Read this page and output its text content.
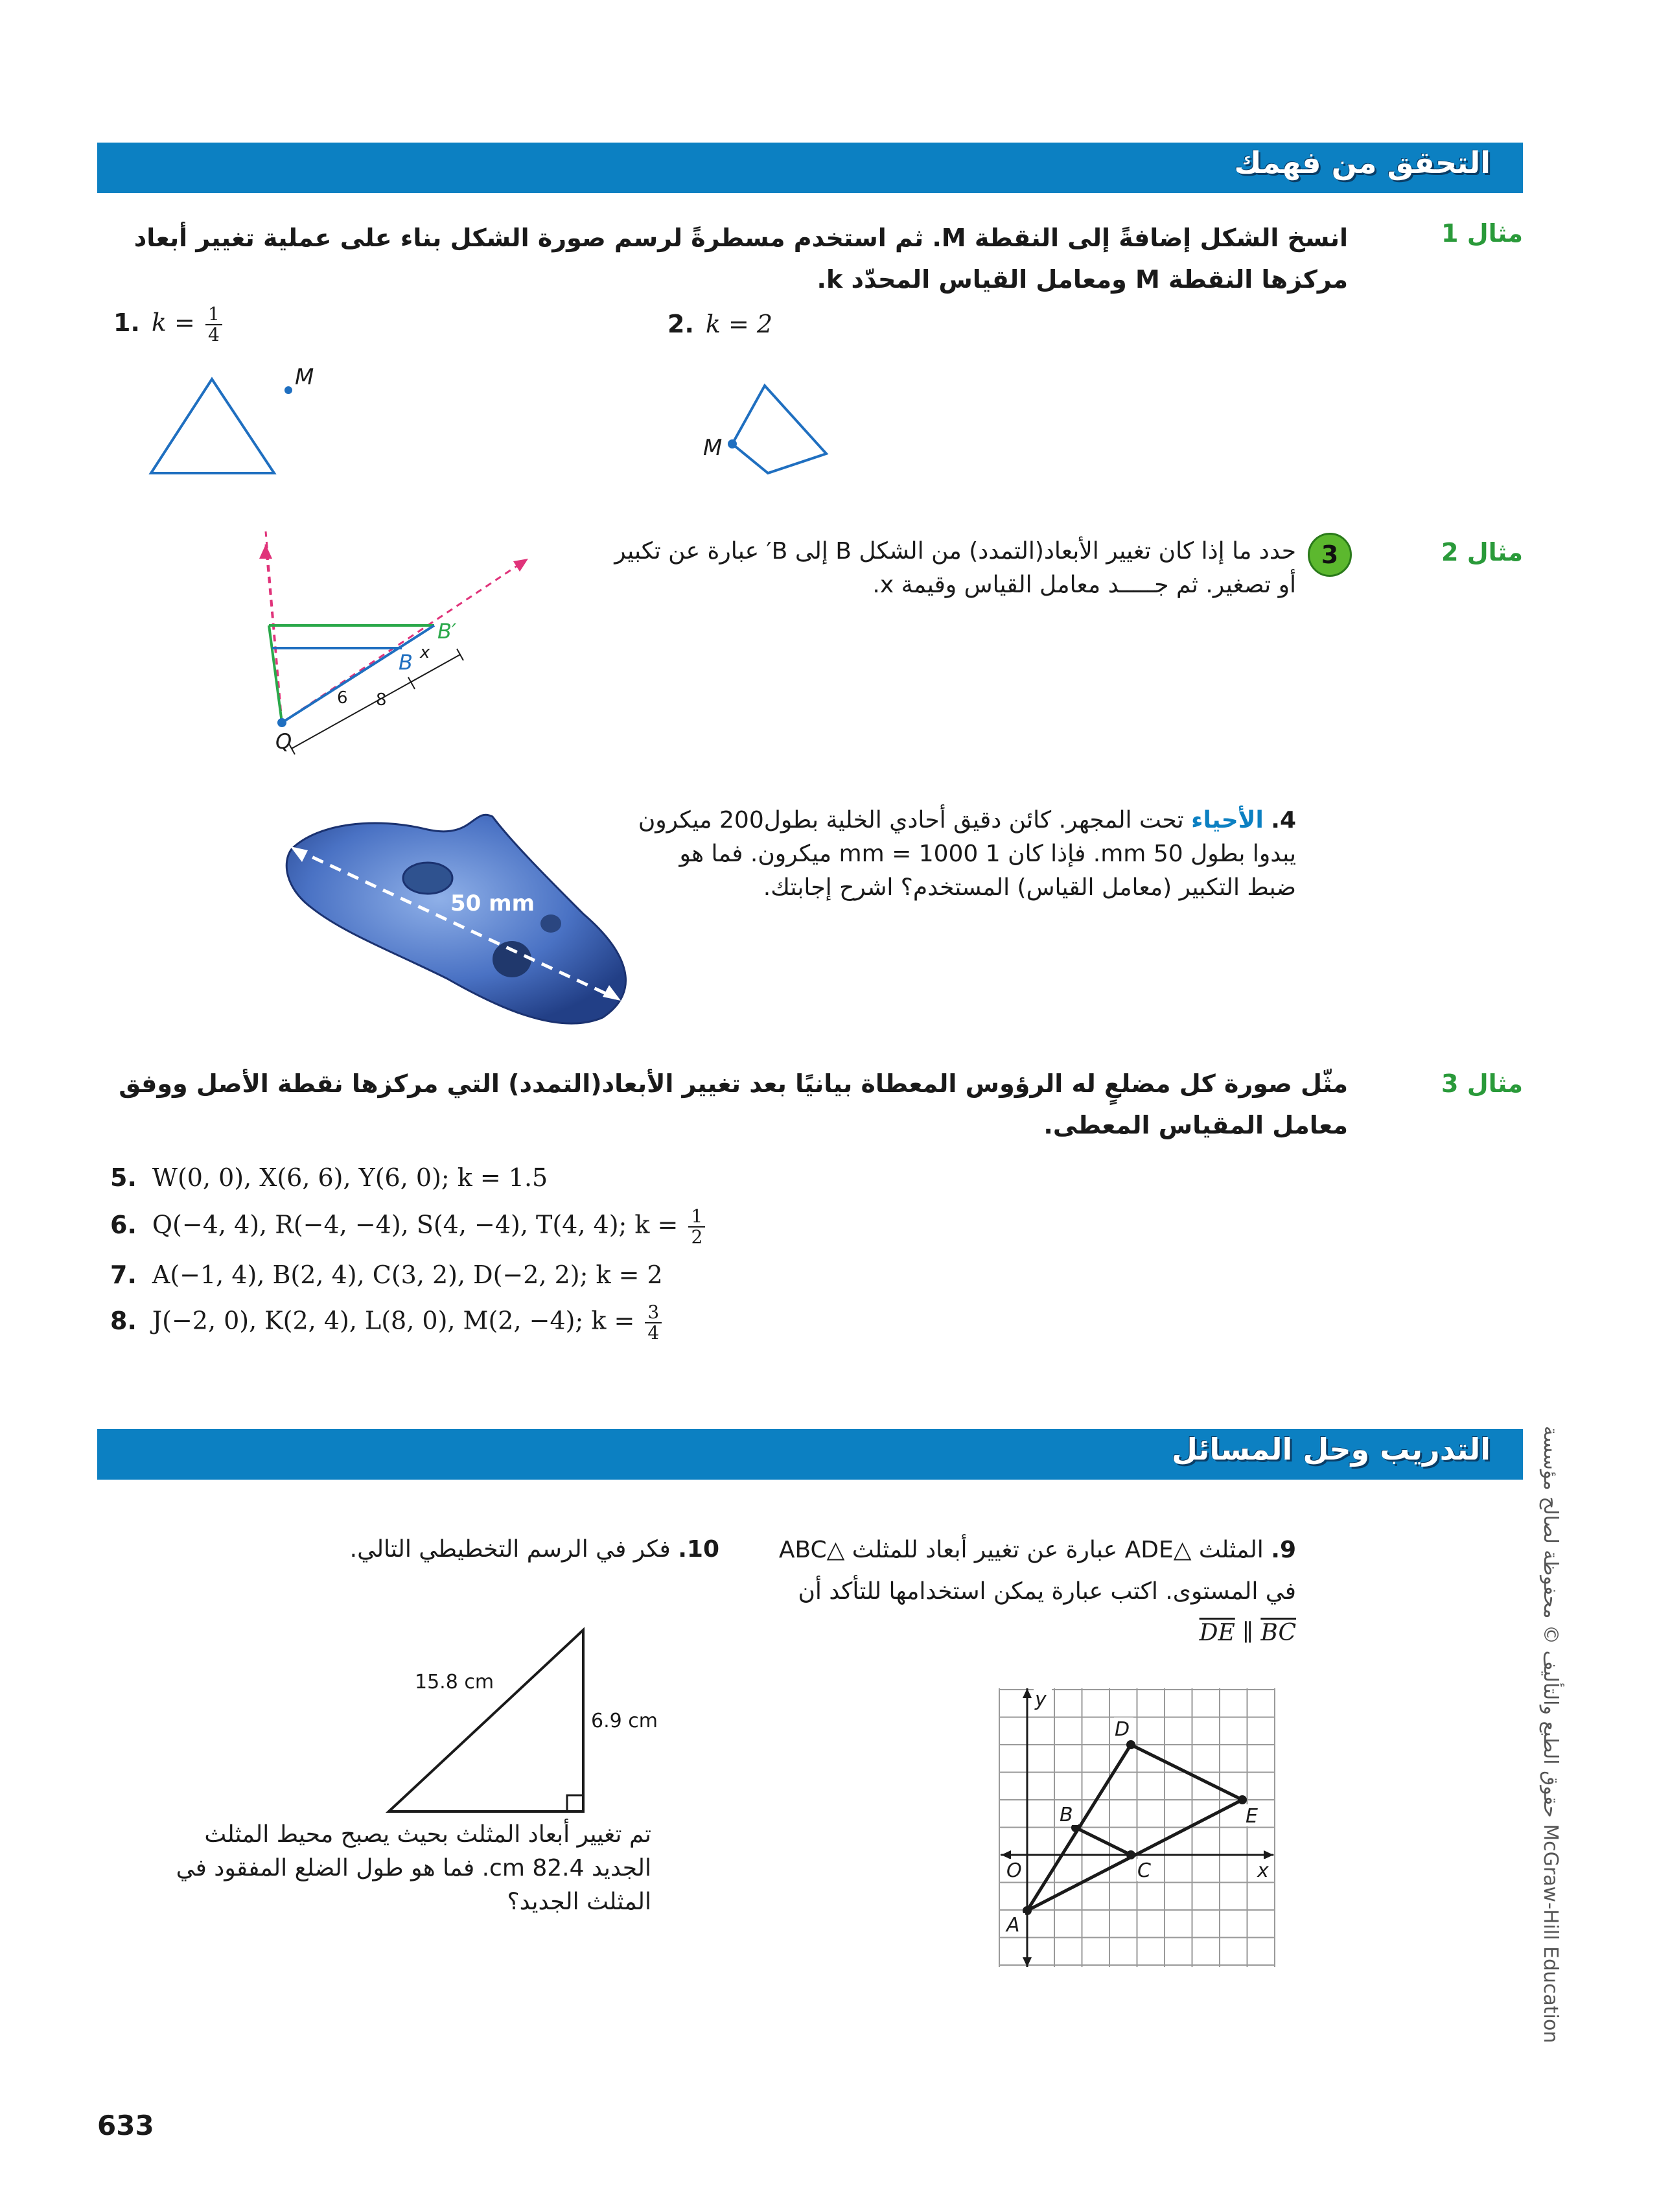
التحقق من فهمك
مثال 1
انسخ الشكل إضافةً إلى النقطة M. ثم استخدم مسطرةً لرسم صورة الشكل بناء على عملية تغيير أبعاد
مركزها النقطة M ومعامل القياس المحدّد k.
1. $k = \frac{1}{4}$
M
2. k = 2
M
مثال 2
3
حدد ما إذا كان تغيير الأبعاد(التمدد) من الشكل B إلى B′ عبارة عن تكبير
أو تصغير. ثم جـــــد معامل القياس وقيمة x.
B′
B x
Q
6 8
4. الأحياء تحت المجهر. كائن دقيق أحادي الخلية بطول200 ميكرون
يبدوا بطول 50 mm. فإذا كان 1 mm = 1000 ميكرون. فما هو
ضبط التكبير (معامل القياس) المستخدم؟ اشرح إجابتك.
50 mm
مثال 3
مثّل صورة كل مضلعٍ له الرؤوس المعطاة بيانيًا بعد تغيير الأبعاد(التمدد) التي مركزها نقطة الأصل ووفق
معامل المقياس المعطى.
5. W(0, 0), X(6, 6), Y(6, 0); k = 1.5
6. Q(−4, 4), R(−4, −4), S(4, −4), T(4, 4); $k = \frac{1}{2}$
7. A(−1, 4), B(2, 4), C(3, 2), D(−2, 2); k = 2
8. J(−2, 0), K(2, 4), L(8, 0), M(2, −4); $k = \frac{3}{4}$
التدريب وحل المسائل
9. المثلث △ADE عبارة عن تغيير أبعاد للمثلث △ABC
في المستوى. اكتب عبارة يمكن استخدامها للتأكد أن
$\overline{DE}$ ∥ $\overline{BC}$
y
x
O
A
B
C
D
E
10. فكر في الرسم التخطيطي التالي.
15.8 cm
6.9 cm
تم تغيير أبعاد المثلث بحيث يصبح محيط المثلث
الجديد 82.4 cm. فما هو طول الضلع المفقود في
المثلث الجديد؟
حقوق الطبع والتأليف © محفوظة لصالح مؤسسة McGraw-Hill Education
633
